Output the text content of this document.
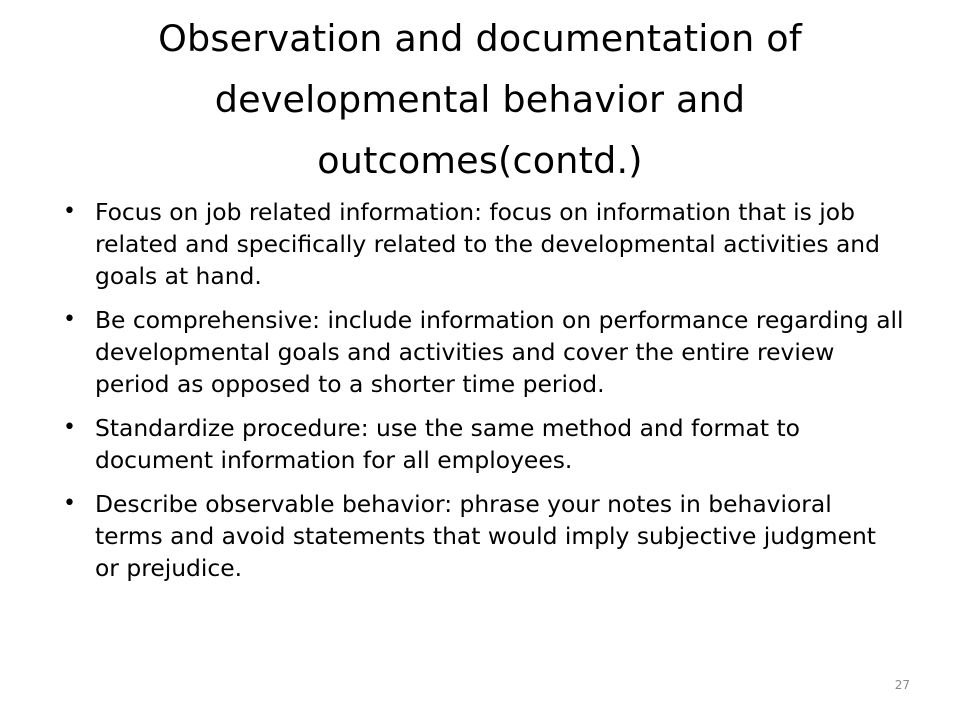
Observation and documentation of developmental behavior and outcomes(contd.)
• Focus on job related information: focus on information that is job related and specifically related to the developmental activities and goals at hand.
• Be comprehensive: include information on performance regarding all developmental goals and activities and cover the entire review period as opposed to a shorter time period.
• Standardize procedure: use the same method and format to document information for all employees.
• Describe observable behavior: phrase your notes in behavioral terms and avoid statements that would imply subjective judgment or prejudice.
27
